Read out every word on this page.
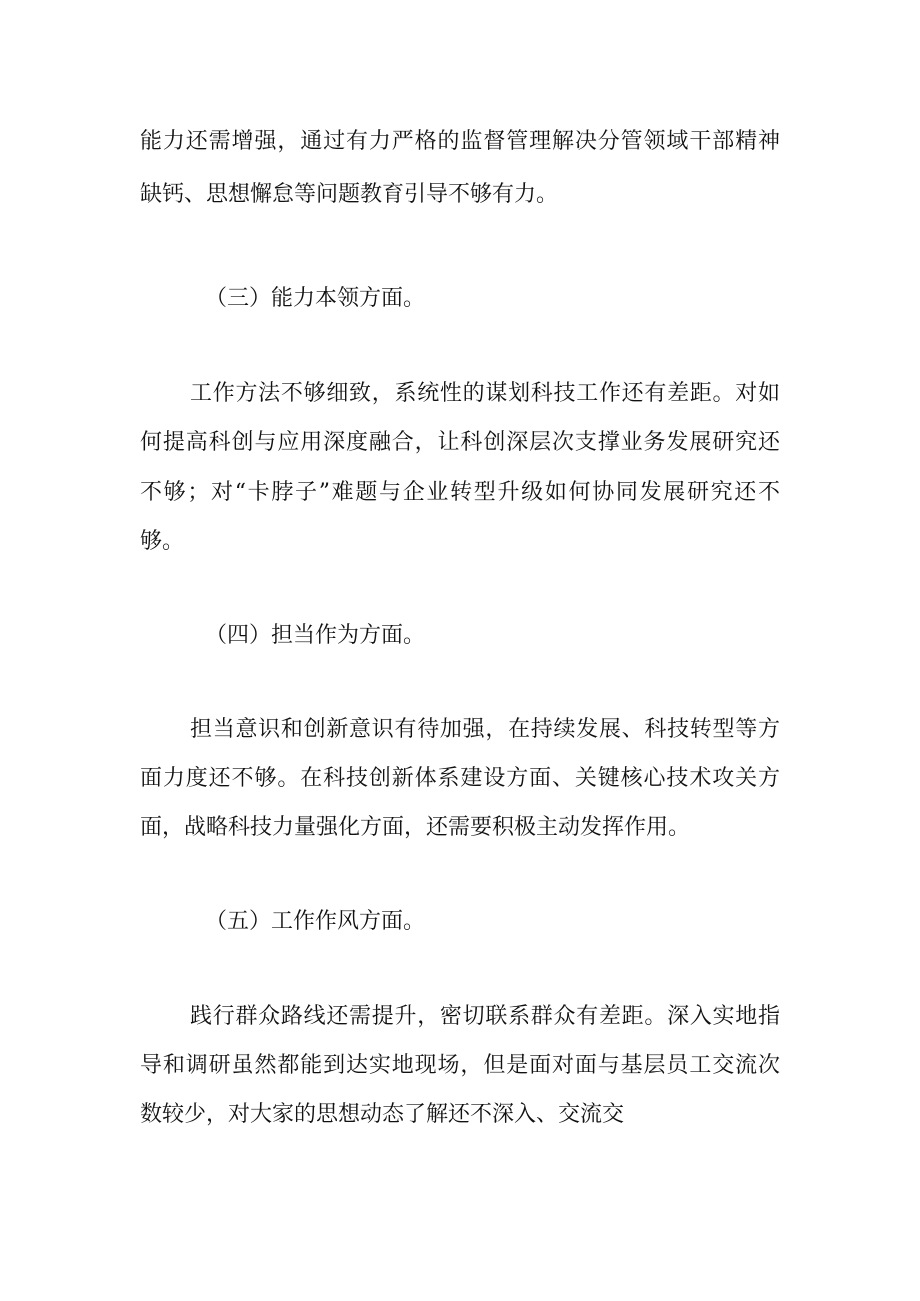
能力还需增强，通过有力严格的监督管理解决分管领域干部精神
缺钙、思想懈怠等问题教育引导不够有力。
（三）能力本领方面。
工作方法不够细致，系统性的谋划科技工作还有差距。对如
何提高科创与应用深度融合，让科创深层次支撑业务发展研究还
不够；对“卡脖子”难题与企业转型升级如何协同发展研究还不
够。
（四）担当作为方面。
担当意识和创新意识有待加强，在持续发展、科技转型等方
面力度还不够。在科技创新体系建设方面、关键核心技术攻关方
面，战略科技力量强化方面，还需要积极主动发挥作用。
（五）工作作风方面。
践行群众路线还需提升，密切联系群众有差距。深入实地指
导和调研虽然都能到达实地现场，但是面对面与基层员工交流次
数较少，对大家的思想动态了解还不深入、交流交
